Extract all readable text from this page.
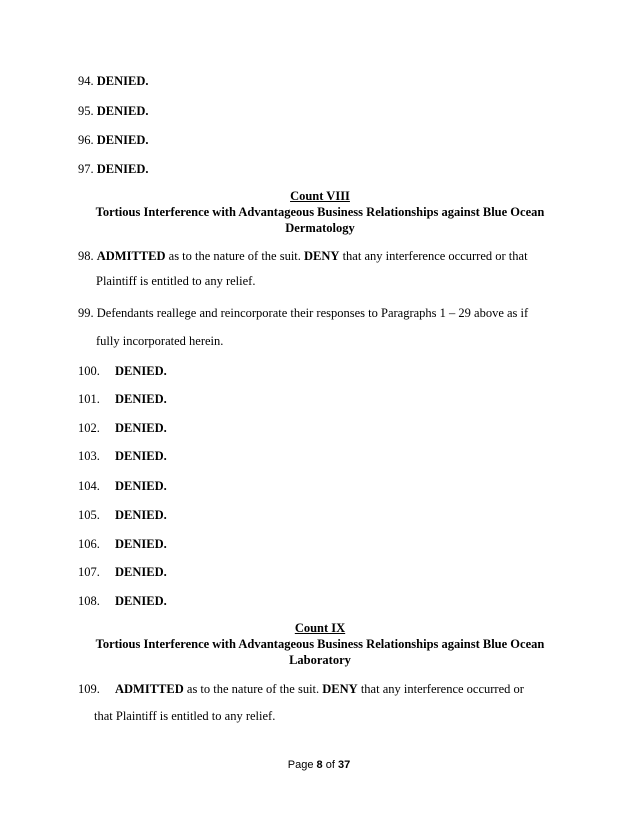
94. DENIED.
95. DENIED.
96. DENIED.
97. DENIED.
Count VIII
Tortious Interference with Advantageous Business Relationships against Blue Ocean
Dermatology
98. ADMITTED as to the nature of the suit. DENY that any interference occurred or that
Plaintiff is entitled to any relief.
99. Defendants reallege and reincorporate their responses to Paragraphs 1 – 29 above as if
fully incorporated herein.
100. DENIED.
101. DENIED.
102. DENIED.
103. DENIED.
104. DENIED.
105. DENIED.
106. DENIED.
107. DENIED.
108. DENIED.
Count IX
Tortious Interference with Advantageous Business Relationships against Blue Ocean
Laboratory
109. ADMITTED as to the nature of the suit. DENY that any interference occurred or
that Plaintiff is entitled to any relief.
Page 8 of 37
